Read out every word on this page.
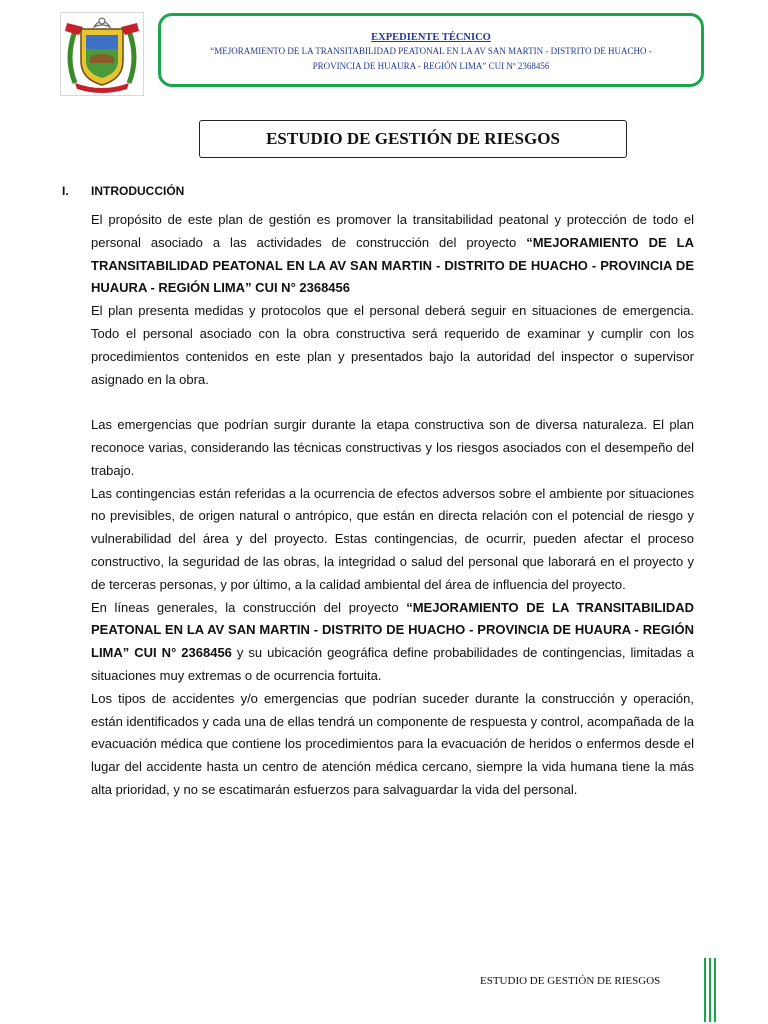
EXPEDIENTE TÉCNICO
“MEJORAMIENTO DE LA TRANSITABILIDAD PEATONAL EN LA AV SAN MARTIN - DISTRITO DE HUACHO - PROVINCIA DE HUAURA - REGIÓN LIMA” CUI Nº 2368456
ESTUDIO DE GESTIÓN DE RIESGOS
I. INTRODUCCIÓN

El propósito de este plan de gestión es promover la transitabilidad peatonal y protección de todo el personal asociado a las actividades de construcción del proyecto “MEJORAMIENTO DE LA TRANSITABILIDAD PEATONAL EN LA AV SAN MARTIN - DISTRITO DE HUACHO - PROVINCIA DE HUAURA - REGIÓN LIMA” CUI N° 2368456

El plan presenta medidas y protocolos que el personal deberá seguir en situaciones de emergencia. Todo el personal asociado con la obra constructiva será requerido de examinar y cumplir con los procedimientos contenidos en este plan y presentados bajo la autoridad del inspector o supervisor asignado en la obra.

Las emergencias que podrían surgir durante la etapa constructiva son de diversa naturaleza. El plan reconoce varias, considerando las técnicas constructivas y los riesgos asociados con el desempeño del trabajo.

Las contingencias están referidas a la ocurrencia de efectos adversos sobre el ambiente por situaciones no previsibles, de origen natural o antrópico, que están en directa relación con el potencial de riesgo y vulnerabilidad del área y del proyecto. Estas contingencias, de ocurrir, pueden afectar el proceso constructivo, la seguridad de las obras, la integridad o salud del personal que laborará en el proyecto y de terceras personas, y por último, a la calidad ambiental del área de influencia del proyecto.

En líneas generales, la construcción del proyecto “MEJORAMIENTO DE LA TRANSITABILIDAD PEATONAL EN LA AV SAN MARTIN - DISTRITO DE HUACHO - PROVINCIA DE HUAURA - REGIÓN LIMA” CUI N° 2368456 y su ubicación geográfica define probabilidades de contingencias, limitadas a situaciones muy extremas o de ocurrencia fortuita.

Los tipos de accidentes y/o emergencias que podrían suceder durante la construcción y operación, están identificados y cada una de ellas tendrá un componente de respuesta y control, acompañada de la evacuación médica que contiene los procedimientos para la evacuación de heridos o enfermos desde el lugar del accidente hasta un centro de atención médica cercano, siempre la vida humana tiene la más alta prioridad, y no se escatimarán esfuerzos para salvaguardar la vida del personal.

ESTUDIO DE GESTIÓN DE RIESGOS
